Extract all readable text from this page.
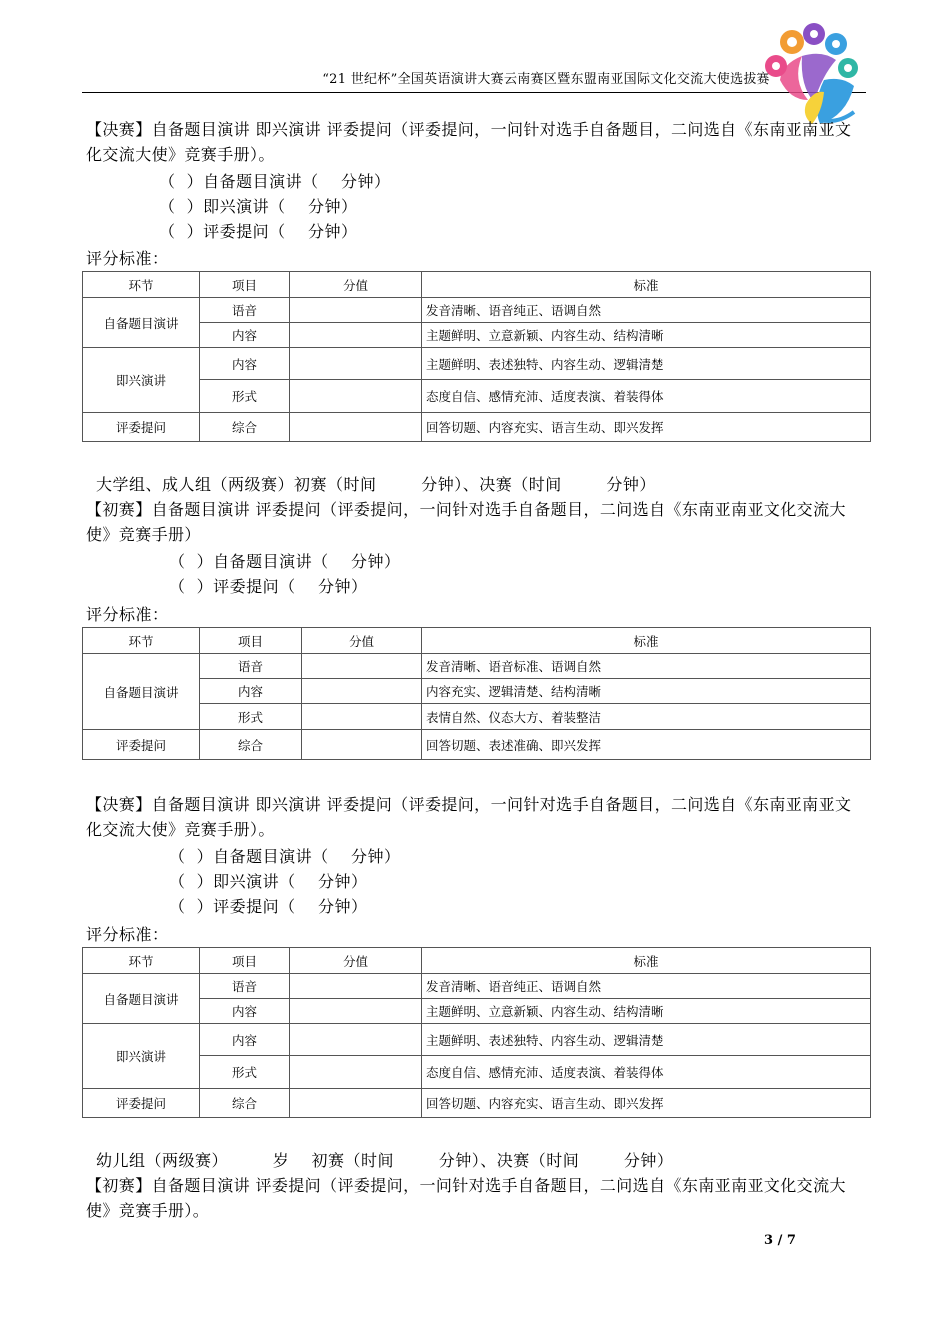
“21 世纪杯”全国英语演讲大赛云南赛区暨东盟南亚国际文化交流大使选拔赛
【决赛】自备题目演讲 即兴演讲 评委提问（评委提问，一问针对选手自备题目，二问选自《东南亚南亚文化交流大使》竞赛手册）。
（  ）自备题目演讲（    分钟）
（  ）即兴演讲（    分钟）
（  ）评委提问（    分钟）
评分标准：
环节	项目	分值	标准
自备题目演讲	语音		发音清晰、语音纯正、语调自然
	内容		主题鲜明、立意新颖、内容生动、结构清晰
即兴演讲	内容		主题鲜明、表述独特、内容生动、逻辑清楚
	形式		态度自信、感情充沛、适度表演、着装得体
评委提问	综合		回答切题、内容充实、语言生动、即兴发挥
大学组、成人组（两级赛）初赛（时间        分钟）、决赛（时间        分钟）
【初赛】自备题目演讲 评委提问（评委提问，一问针对选手自备题目，二问选自《东南亚南亚文化交流大使》竞赛手册）
（  ）自备题目演讲（    分钟）
（  ）评委提问（    分钟）
评分标准：
环节	项目	分值	标准
自备题目演讲	语音		发音清晰、语音标准、语调自然
	内容		内容充实、逻辑清楚、结构清晰
	形式		表情自然、仪态大方、着装整洁
评委提问	综合		回答切题、表述准确、即兴发挥
【决赛】自备题目演讲 即兴演讲 评委提问（评委提问，一问针对选手自备题目，二问选自《东南亚南亚文化交流大使》竞赛手册）。
（  ）自备题目演讲（    分钟）
（  ）即兴演讲（    分钟）
（  ）评委提问（    分钟）
评分标准：
环节	项目	分值	标准
自备题目演讲	语音		发音清晰、语音纯正、语调自然
	内容		主题鲜明、立意新颖、内容生动、结构清晰
即兴演讲	内容		主题鲜明、表述独特、内容生动、逻辑清楚
	形式		态度自信、感情充沛、适度表演、着装得体
评委提问	综合		回答切题、内容充实、语言生动、即兴发挥
幼儿组（两级赛）        岁    初赛（时间        分钟）、决赛（时间        分钟）
【初赛】自备题目演讲 评委提问（评委提问，一问针对选手自备题目，二问选自《东南亚南亚文化交流大使》竞赛手册）。
3 / 7
